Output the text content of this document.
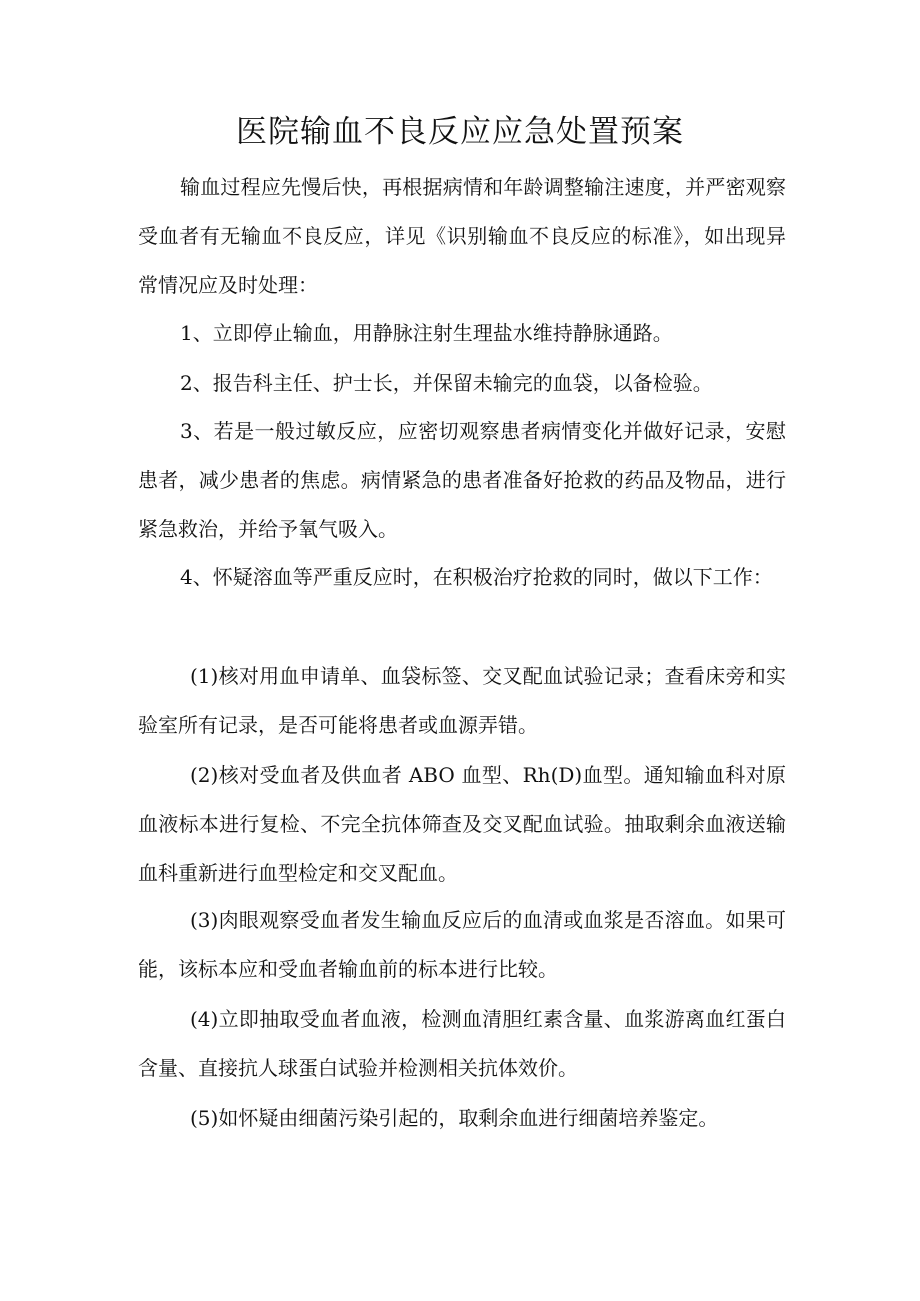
医院输血不良反应应急处置预案

输血过程应先慢后快，再根据病情和年龄调整输注速度，并严密观察受血者有无输血不良反应，详见《识别输血不良反应的标准》，如出现异常情况应及时处理：

1、立即停止输血，用静脉注射生理盐水维持静脉通路。

2、报告科主任、护士长，并保留未输完的血袋，以备检验。

3、若是一般过敏反应，应密切观察患者病情变化并做好记录，安慰患者，减少患者的焦虑。病情紧急的患者准备好抢救的药品及物品，进行紧急救治，并给予氧气吸入。

4、怀疑溶血等严重反应时，在积极治疗抢救的同时，做以下工作：

(1)核对用血申请单、血袋标签、交叉配血试验记录；查看床旁和实验室所有记录，是否可能将患者或血源弄错。

(2)核对受血者及供血者 ABO 血型、Rh(D)血型。通知输血科对原血液标本进行复检、不完全抗体筛查及交叉配血试验。抽取剩余血液送输血科重新进行血型检定和交叉配血。

(3)肉眼观察受血者发生输血反应后的血清或血浆是否溶血。如果可能，该标本应和受血者输血前的标本进行比较。

(4)立即抽取受血者血液，检测血清胆红素含量、血浆游离血红蛋白含量、直接抗人球蛋白试验并检测相关抗体效价。

(5)如怀疑由细菌污染引起的，取剩余血进行细菌培养鉴定。
